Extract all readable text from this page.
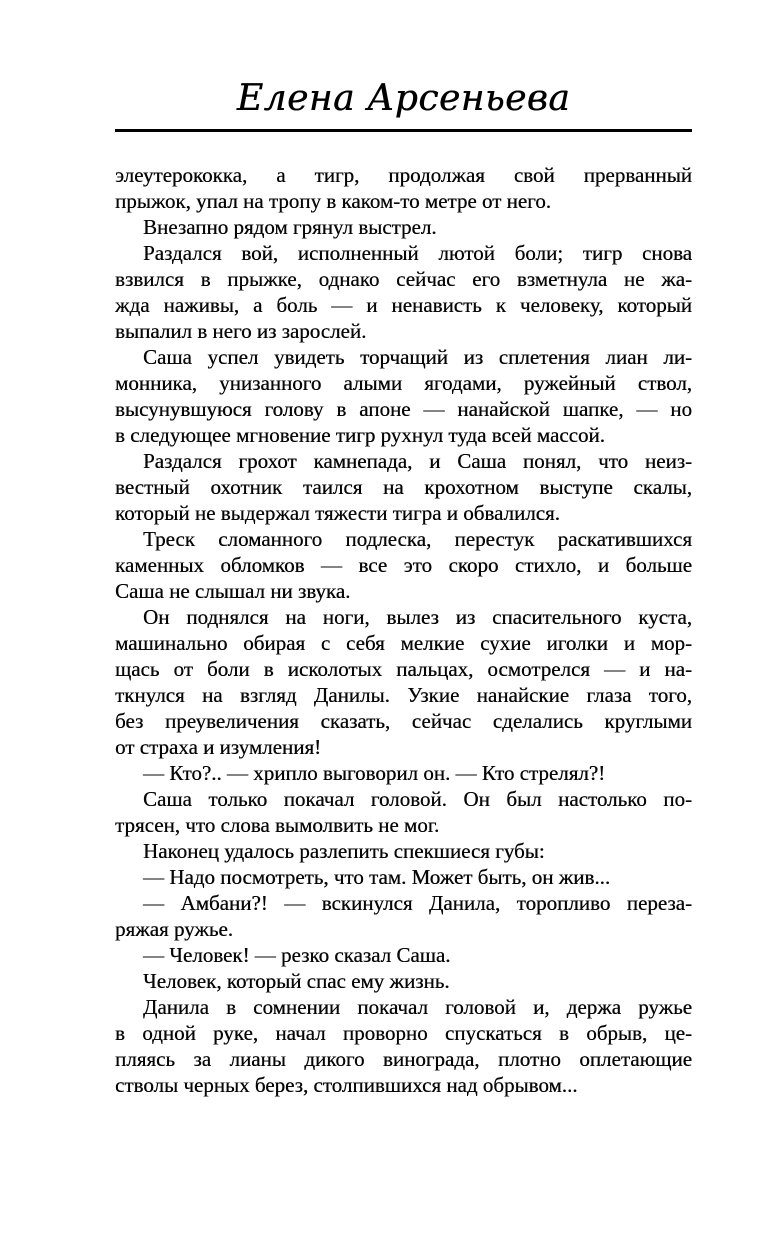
Елена Арсеньева
элеутерококка, а тигр, продолжая свой прерванный
прыжок, упал на тропу в каком-то метре от него.
Внезапно рядом грянул выстрел.
Раздался вой, исполненный лютой боли; тигр снова
взвился в прыжке, однако сейчас его взметнула не жа-
жда наживы, а боль — и ненависть к человеку, который
выпалил в него из зарослей.
Саша успел увидеть торчащий из сплетения лиан ли-
монника, унизанного алыми ягодами, ружейный ствол,
высунувшуюся голову в апоне — нанайской шапке, — но
в следующее мгновение тигр рухнул туда всей массой.
Раздался грохот камнепада, и Саша понял, что неиз-
вестный охотник таился на крохотном выступе скалы,
который не выдержал тяжести тигра и обвалился.
Треск сломанного подлеска, перестук раскатившихся
каменных обломков — все это скоро стихло, и больше
Саша не слышал ни звука.
Он поднялся на ноги, вылез из спасительного куста,
машинально обирая с себя мелкие сухие иголки и мор-
щась от боли в исколотых пальцах, осмотрелся — и на-
ткнулся на взгляд Данилы. Узкие нанайские глаза того,
без преувеличения сказать, сейчас сделались круглыми
от страха и изумления!
— Кто?.. — хрипло выговорил он. — Кто стрелял?!
Саша только покачал головой. Он был настолько по-
трясен, что слова вымолвить не мог.
Наконец удалось разлепить спекшиеся губы:
— Надо посмотреть, что там. Может быть, он жив...
— Амбани?! — вскинулся Данила, торопливо переза-
ряжая ружье.
— Человек! — резко сказал Саша.
Человек, который спас ему жизнь.
Данила в сомнении покачал головой и, держа ружье
в одной руке, начал проворно спускаться в обрыв, це-
пляясь за лианы дикого винограда, плотно оплетающие
стволы черных берез, столпившихся над обрывом...
